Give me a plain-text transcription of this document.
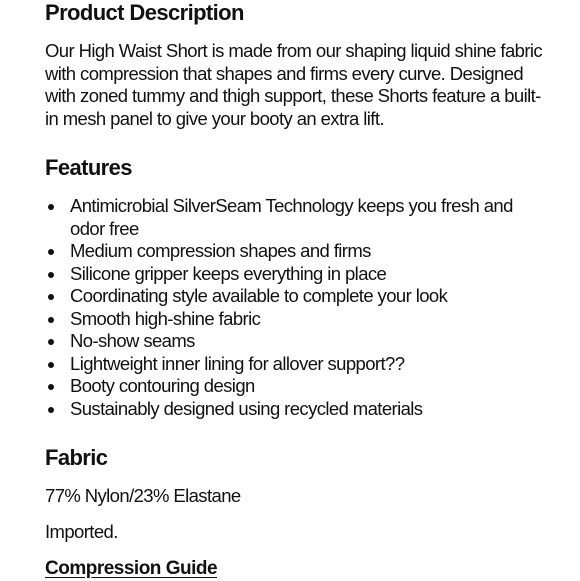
Product Description

Our High Waist Short is made from our shaping liquid shine fabric with compression that shapes and firms every curve. Designed with zoned tummy and thigh support, these Shorts feature a built-in mesh panel to give your booty an extra lift.

Features
Antimicrobial SilverSeam Technology keeps you fresh and odor free
Medium compression shapes and firms
Silicone gripper keeps everything in place
Coordinating style available to complete your look
Smooth high-shine fabric
No-show seams
Lightweight inner lining for allover support??
Booty contouring design
Sustainably designed using recycled materials
Fabric

77% Nylon/23% Elastane

Imported.

Compression Guide
